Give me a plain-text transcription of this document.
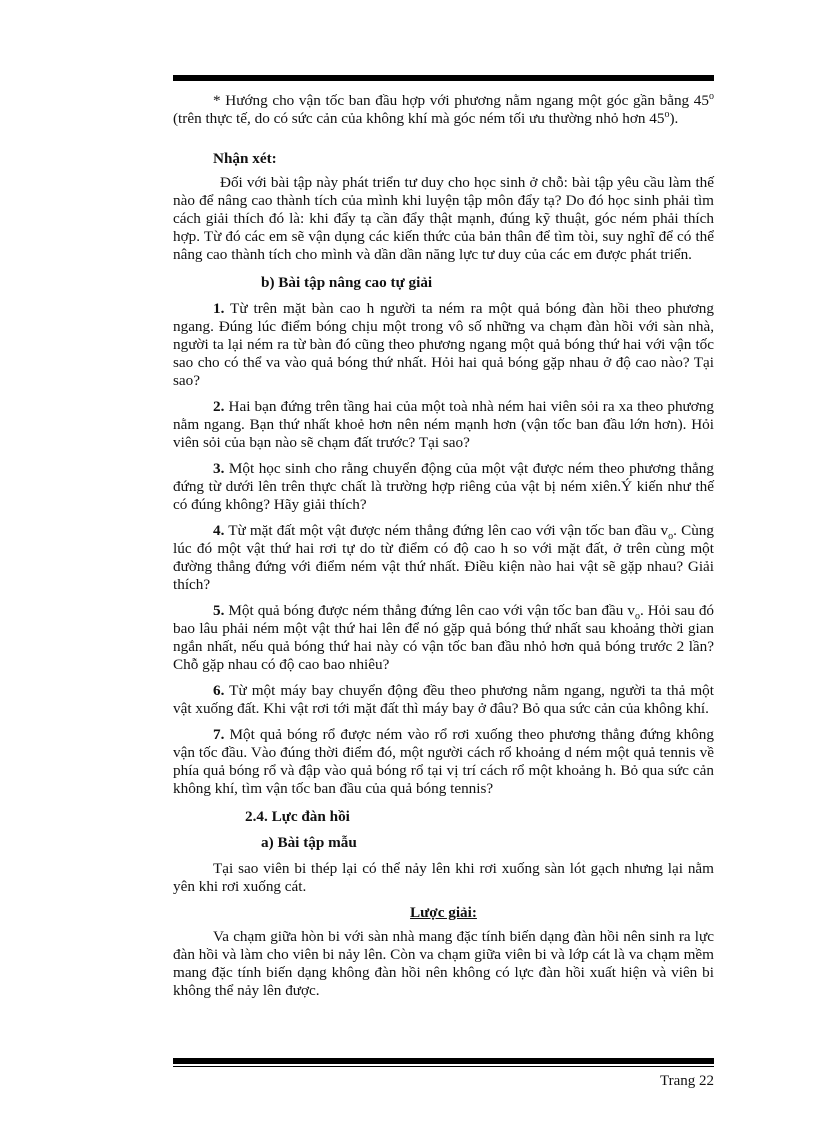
* Hướng cho vận tốc ban đầu hợp với phương nằm ngang một góc gần bằng 45$^o$ (trên thực tế, do có sức cản của không khí mà góc ném tối ưu thường nhỏ hơn 45$^o$).

Nhận xét:

Đối với bài tập này phát triển tư duy cho học sinh ở chỗ: bài tập yêu cầu làm thế nào để nâng cao thành tích của mình khi luyện tập môn đẩy tạ? Do đó học sinh phải tìm cách giải thích đó là: khi đẩy tạ cần đẩy thật mạnh, đúng kỹ thuật, góc ném phải thích hợp. Từ đó các em sẽ vận dụng các kiến thức của bản thân để tìm tòi, suy nghĩ để có thể nâng cao thành tích cho mình và dần dần năng lực tư duy của các em được phát triển.

b) Bài tập nâng cao tự giải

1. Từ trên mặt bàn cao h người ta ném ra một quả bóng đàn hồi theo phương ngang. Đúng lúc điểm bóng chịu một trong vô số những va chạm đàn hồi với sàn nhà, người ta lại ném ra từ bàn đó cũng theo phương ngang một quả bóng thứ hai với vận tốc sao cho có thể va vào quả bóng thứ nhất. Hỏi hai quả bóng gặp nhau ở độ cao nào? Tại sao?

2. Hai bạn đứng trên tầng hai của một toà nhà ném hai viên sỏi ra xa theo phương nằm ngang. Bạn thứ nhất khoẻ hơn nên ném mạnh hơn (vận tốc ban đầu lớn hơn). Hỏi viên sỏi của bạn nào sẽ chạm đất trước? Tại sao?

3. Một học sinh cho rằng chuyển động của một vật được ném theo phương thẳng đứng từ dưới lên trên thực chất là trường hợp riêng của vật bị ném xiên.Ý kiến như thế có đúng không? Hãy giải thích?

4. Từ mặt đất một vật được ném thẳng đứng lên cao với vận tốc ban đầu $v_o$. Cùng lúc đó một vật thứ hai rơi tự do từ điểm có độ cao h so với mặt đất, ở trên cùng một đường thẳng đứng với điểm ném vật thứ nhất. Điều kiện nào hai vật sẽ gặp nhau? Giải thích?

5. Một quả bóng được ném thẳng đứng lên cao với vận tốc ban đầu $v_o$. Hỏi sau đó bao lâu phải ném một vật thứ hai lên để nó gặp quả bóng thứ nhất sau khoảng thời gian ngắn nhất, nếu quả bóng thứ hai này có vận tốc ban đầu nhỏ hơn quả bóng trước 2 lần? Chỗ gặp nhau có độ cao bao nhiêu?

6. Từ một máy bay chuyển động đều theo phương nằm ngang, người ta thả một vật xuống đất. Khi vật rơi tới mặt đất thì máy bay ở đâu? Bỏ qua sức cản của không khí.

7. Một quả bóng rổ được ném vào rổ rơi xuống theo phương thẳng đứng không vận tốc đầu. Vào đúng thời điểm đó, một người cách rổ khoảng d ném một quả tennis về phía quả bóng rổ và đập vào quả bóng rổ tại vị trí cách rổ một khoảng h. Bỏ qua sức cản không khí, tìm vận tốc ban đầu của quả bóng tennis?

2.4. Lực đàn hồi

a) Bài tập mẫu

Tại sao viên bi thép lại có thể nảy lên khi rơi xuống sàn lót gạch nhưng lại nằm yên khi rơi xuống cát.

Lược giải:

Va chạm giữa hòn bi với sàn nhà mang đặc tính biến dạng đàn hồi nên sinh ra lực đàn hồi và làm cho viên bi nảy lên. Còn va chạm giữa viên bi và lớp cát là va chạm mềm mang đặc tính biến dạng không đàn hồi nên không có lực đàn hồi xuất hiện và viên bi không thể nảy lên được.

Trang 22
